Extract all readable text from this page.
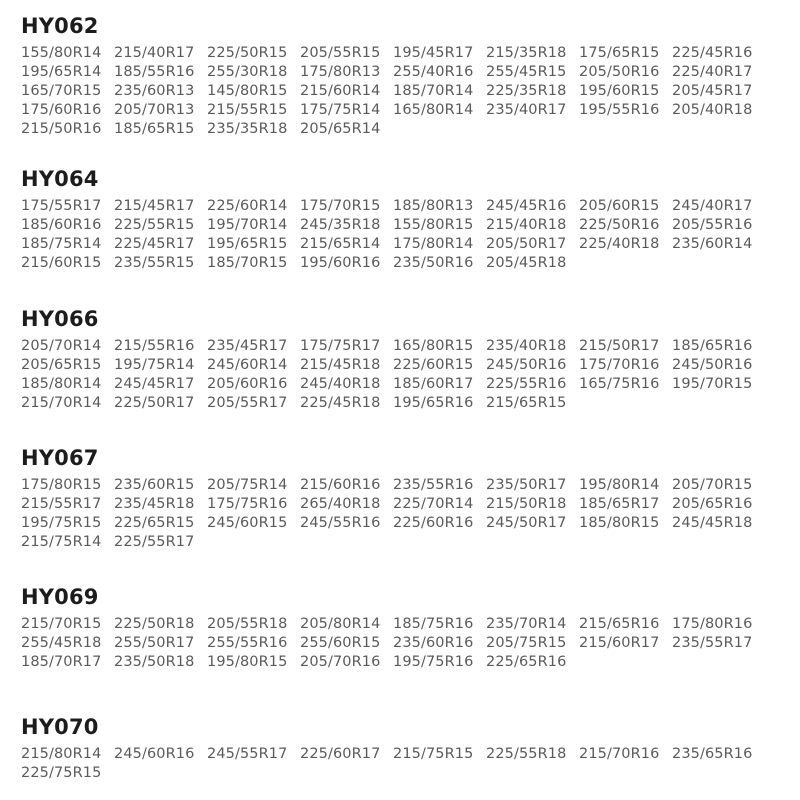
HY062
155/80R14 215/40R17 225/50R15 205/55R15 195/45R17 215/35R18 175/65R15 225/45R16
195/65R14 185/55R16 255/30R18 175/80R13 255/40R16 255/45R15 205/50R16 225/40R17
165/70R15 235/60R13 145/80R15 215/60R14 185/70R14 225/35R18 195/60R15 205/45R17
175/60R16 205/70R13 215/55R15 175/75R14 165/80R14 235/40R17 195/55R16 205/40R18
215/50R16 185/65R15 235/35R18 205/65R14
HY064
175/55R17 215/45R17 225/60R14 175/70R15 185/80R13 245/45R16 205/60R15 245/40R17
185/60R16 225/55R15 195/70R14 245/35R18 155/80R15 215/40R18 225/50R16 205/55R16
185/75R14 225/45R17 195/65R15 215/65R14 175/80R14 205/50R17 225/40R18 235/60R14
215/60R15 235/55R15 185/70R15 195/60R16 235/50R16 205/45R18
HY066
205/70R14 215/55R16 235/45R17 175/75R17 165/80R15 235/40R18 215/50R17 185/65R16
205/65R15 195/75R14 245/60R14 215/45R18 225/60R15 245/50R16 175/70R16 245/50R16
185/80R14 245/45R17 205/60R16 245/40R18 185/60R17 225/55R16 165/75R16 195/70R15
215/70R14 225/50R17 205/55R17 225/45R18 195/65R16 215/65R15
HY067
175/80R15 235/60R15 205/75R14 215/60R16 235/55R16 235/50R17 195/80R14 205/70R15
215/55R17 235/45R18 175/75R16 265/40R18 225/70R14 215/50R18 185/65R17 205/65R16
195/75R15 225/65R15 245/60R15 245/55R16 225/60R16 245/50R17 185/80R15 245/45R18
215/75R14 225/55R17
HY069
215/70R15 225/50R18 205/55R18 205/80R14 185/75R16 235/70R14 215/65R16 175/80R16
255/45R18 255/50R17 255/55R16 255/60R15 235/60R16 205/75R15 215/60R17 235/55R17
185/70R17 235/50R18 195/80R15 205/70R16 195/75R16 225/65R16
HY070
215/80R14 245/60R16 245/55R17 225/60R17 215/75R15 225/55R18 215/70R16 235/65R16
225/75R15
